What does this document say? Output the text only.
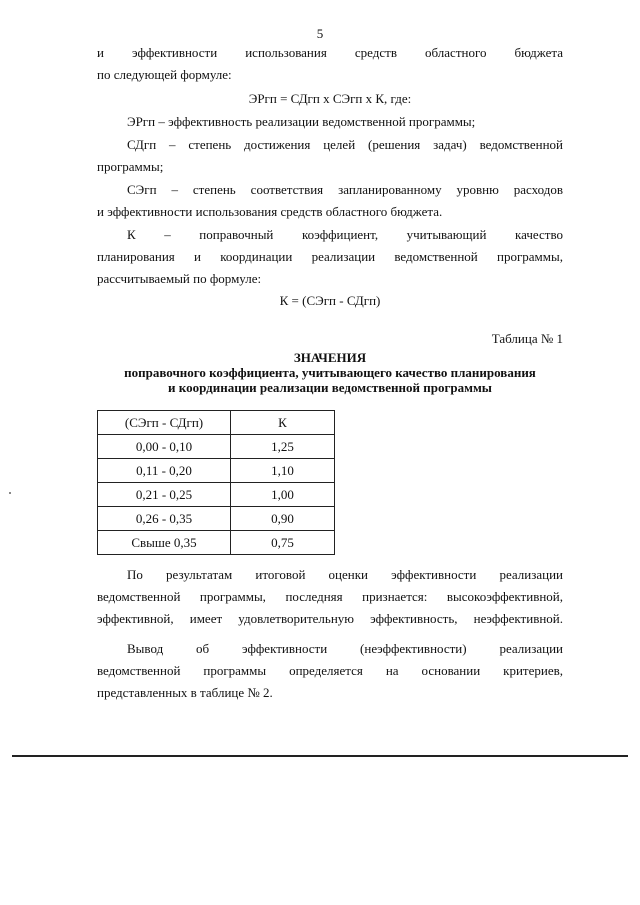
5
и эффективности использования средств областного бюджета
по следующей формуле:
ЭРгп = СДгп х СЭгп х К, где:
ЭРгп – эффективность реализации ведомственной программы;
СДгп – степень достижения целей (решения задач) ведомственной
программы;
СЭгп – степень соответствия запланированному уровню расходов
и эффективности использования средств областного бюджета.
К – поправочный коэффициент, учитывающий качество
планирования и координации реализации ведомственной программы,
рассчитываемый по формуле:
К = (СЭгп - СДгп)
Таблица № 1
ЗНАЧЕНИЯ
поправочного коэффициента, учитывающего качество планирования
и координации реализации ведомственной программы
(СЭгп - СДгп)	К
0,00 - 0,10	1,25
0,11 - 0,20	1,10
0,21 - 0,25	1,00
0,26 - 0,35	0,90
Свыше 0,35	0,75
По результатам итоговой оценки эффективности реализации
ведомственной программы, последняя признается: высокоэффективной,
эффективной, имеет удовлетворительную эффективность, неэффективной.
Вывод об эффективности (неэффективности) реализации
ведомственной программы определяется на основании критериев,
представленных в таблице № 2.
